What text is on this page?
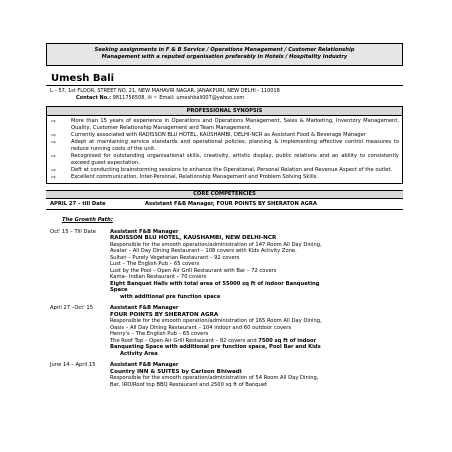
Seeking assignments in F & B Service / Operations Management / Customer Relationship
Management with a reputed organisation preferably in Hotels / Hospitality Industry
Umesh Bali
L – 57, 1st FLOOR, STREET NO. 21, NEW MAHAVIR NAGAR, JANAKPURI, NEW DELHI - 110018
Contact No.: 9811756508, ✉ ~ Email: umeshbali007@yahoo.com
PROFESSIONAL SYNOPSIS
⇨	More than 15 years of experience in Operations and Operations Management, Sales & Marketing, Inventory Management, Quality, Customer Relationship Management and Team Management.
⇨	Currently associated with RADISSON BLU HOTEL, KAUSHAMBI, DELHI-NCR as Assistant Food & Beverage Manager
⇨	Adept at maintaining service standards and operational policies, planning & implementing effective control measures to reduce running costs of the unit.
⇨	Recognised for outstanding organisational skills, creativity, artistic display, public relations and an ability to consistently exceed guest expectation.
⇨	Deft at conducting brainstorming sessions to enhance the Operational, Personal Relation and Revenue Aspect of the outlet.
⇨	Excellent communication, Inter-Personal, Relationship Management and Problem Solving Skills.
CORE COMPETENCIES
APRIL 27 – till Date	Assistant F&B Manager, FOUR POINTS BY SHERATON AGRA
The Growth Path:
Oct' 15 – Till Date	Assistant F&B Manager
RADISSON BLU HOTEL, KAUSHAMBI, NEW DELHI-NCR
Responsible for the smooth operation/administration of 147 Room All Day Dining,
Avatar – All Day Dining Restaurant – 108 covers with Kids Activity Zone.
Sultan – Purely Vegetarian Restaurant – 92 covers
Lust – The English Pub – 65 covers
Lust by the Pool – Open Air Grill Restaurant with Bar – 72 covers
Kama– Indian Restaurant – 70 covers
Eight Banquet Halls with total area of 55000 sq ft of indoor Banqueting
Space
with additional pre function space
April 27 –Oct' 15	Assistant F&B Manager
FOUR POINTS BY SHERATON AGRA
Responsible for the smooth operation/administration of 165 Room All Day Dining,
Oasis – All Day Dining Restaurant – 104 indoor and 60 outdoor covers
Henry's – The English Pub – 65 covers
The Roof Top – Open Air Grill Restaurant – 82 covers and 7500 sq ft of indoor
Banqueting Space with additional pre function space, Pool Bar and Kids
Activity Area
June 14 – April.15	Assistant F&B Manager
Country INN & SUITES by Carlson Bhiwadi
Responsible for the smooth operation/administration of 54 Room All Day Dining,
Bar, IRD/Roof top BBQ Restaurant and 2500 sq ft of Banquet
